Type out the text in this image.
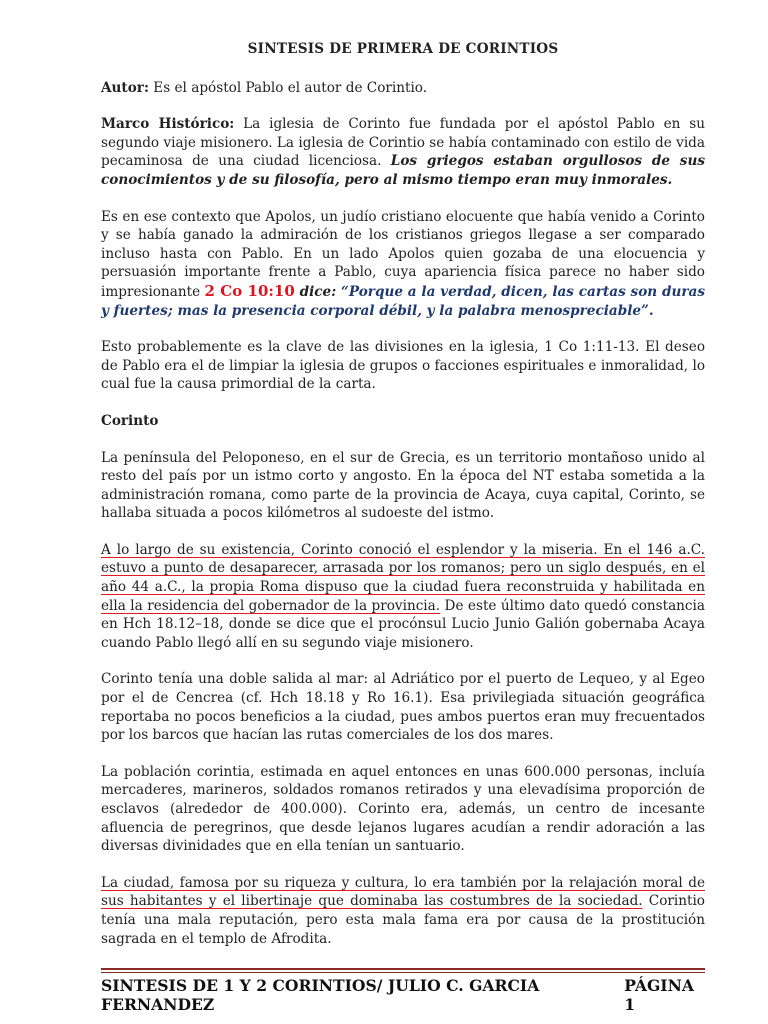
SINTESIS DE PRIMERA DE CORINTIOS

Autor: Es el apóstol Pablo el autor de Corintio.

Marco Histórico: La iglesia de Corinto fue fundada por el apóstol Pablo en su segundo viaje misionero. La iglesia de Corintio se había contaminado con estilo de vida pecaminosa de una ciudad licenciosa. Los griegos estaban orgullosos de sus conocimientos y de su filosofía, pero al mismo tiempo eran muy inmorales.

Es en ese contexto que Apolos, un judío cristiano elocuente que había venido a Corinto y se había ganado la admiración de los cristianos griegos llegase a ser comparado incluso hasta con Pablo. En un lado Apolos quien gozaba de una elocuencia y persuasión importante frente a Pablo, cuya apariencia física parece no haber sido impresionante 2 Co 10:10 dice: “Porque a la verdad, dicen, las cartas son duras y fuertes; mas la presencia corporal débil, y la palabra menospreciable”.

Esto probablemente es la clave de las divisiones en la iglesia, 1 Co 1:11-13. El deseo de Pablo era el de limpiar la iglesia de grupos o facciones espirituales e inmoralidad, lo cual fue la causa primordial de la carta.

Corinto

La península del Peloponeso, en el sur de Grecia, es un territorio montañoso unido al resto del país por un istmo corto y angosto. En la época del NT estaba sometida a la administración romana, como parte de la provincia de Acaya, cuya capital, Corinto, se hallaba situada a pocos kilómetros al sudoeste del istmo.

A lo largo de su existencia, Corinto conoció el esplendor y la miseria. En el 146 a.C. estuvo a punto de desaparecer, arrasada por los romanos; pero un siglo después, en el año 44 a.C., la propia Roma dispuso que la ciudad fuera reconstruida y habilitada en ella la residencia del gobernador de la provincia. De este último dato quedó constancia en Hch 18.12–18, donde se dice que el procónsul Lucio Junio Galión gobernaba Acaya cuando Pablo llegó allí en su segundo viaje misionero.

Corinto tenía una doble salida al mar: al Adriático por el puerto de Lequeo, y al Egeo por el de Cencrea (cf. Hch 18.18 y Ro 16.1). Esa privilegiada situación geográfica reportaba no pocos beneficios a la ciudad, pues ambos puertos eran muy frecuentados por los barcos que hacían las rutas comerciales de los dos mares.

La población corintia, estimada en aquel entonces en unas 600.000 personas, incluía mercaderes, marineros, soldados romanos retirados y una elevadísima proporción de esclavos (alrededor de 400.000). Corinto era, además, un centro de incesante afluencia de peregrinos, que desde lejanos lugares acudían a rendir adoración a las diversas divinidades que en ella tenían un santuario.

La ciudad, famosa por su riqueza y cultura, lo era también por la relajación moral de sus habitantes y el libertinaje que dominaba las costumbres de la sociedad. Corintio tenía una mala reputación, pero esta mala fama era por causa de la prostitución sagrada en el templo de Afrodita.

SINTESIS DE 1 Y 2 CORINTIOS/ JULIO C. GARCIA FERNANDEZ
PÁGINA 1
